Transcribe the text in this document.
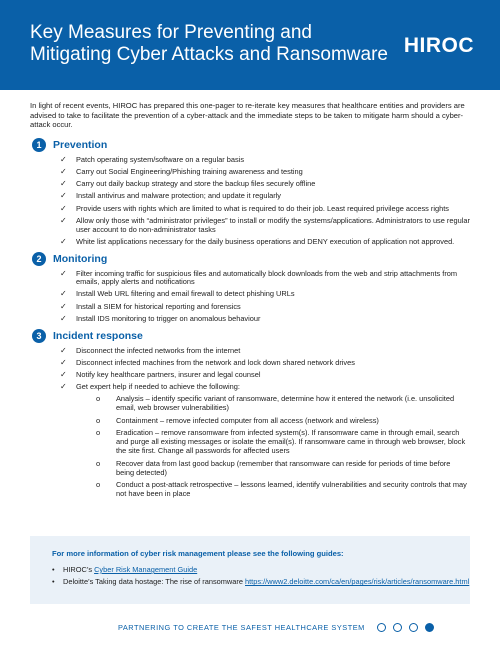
Key Measures for Preventing and Mitigating Cyber Attacks and Ransomware HIROC

In light of recent events, HIROC has prepared this one-pager to re-iterate key measures that healthcare entities and providers are advised to take to facilitate the prevention of a cyber-attack and the immediate steps to be taken to mitigate harm should a cyber-attack occur.

1	Prevention
✓ Patch operating system/software on a regular basis
✓ Carry out Social Engineering/Phishing training awareness and testing
✓ Carry out daily backup strategy and store the backup files securely offline
✓ Install antivirus and malware protection; and update it regularly
✓ Provide users with rights which are limited to what is required to do their job. Least required privilege access rights
✓ Allow only those with “administrator privileges” to install or modify the systems/applications. Administrators to use regular user account to do non-administrator tasks
✓ White list applications necessary for the daily business operations and DENY execution of application not approved.
2	Monitoring
✓ Filter incoming traffic for suspicious files and automatically block downloads from the web and strip attachments from emails, apply alerts and notifications
✓ Install Web URL filtering and email firewall to detect phishing URLs
✓ Install a SIEM for historical reporting and forensics
✓ Install IDS monitoring to trigger on anomalous behaviour
3	Incident response
✓ Disconnect the infected networks from the internet
✓ Disconnect infected machines from the network and lock down shared network drives
✓ Notify key healthcare partners, insurer and legal counsel
✓ Get expert help if needed to achieve the following:
o Analysis – identify specific variant of ransomware, determine how it entered the network (i.e. unsolicited email, web browser vulnerabilities)
o Containment – remove infected computer from all access (network and wireless)
o Eradication – remove ransomware from infected system(s). If ransomware came in through email, search and purge all existing messages or isolate the email(s). If ransomware came in through web browser, block the site first. Change all passwords for affected users
o Recover data from last good backup (remember that ransomware can reside for periods of time before being detected)
o Conduct a post-attack retrospective – lessons learned, identify vulnerabilities and security controls that may not have been in place
For more information of cyber risk management please see the following guides:
• HIROC’s Cyber Risk Management Guide
• Deloitte’s Taking data hostage: The rise of ransomware https://www2.deloitte.com/ca/en/pages/risk/articles/ransomware.html
PARTNERING TO CREATE THE SAFEST HEALTHCARE SYSTEM
